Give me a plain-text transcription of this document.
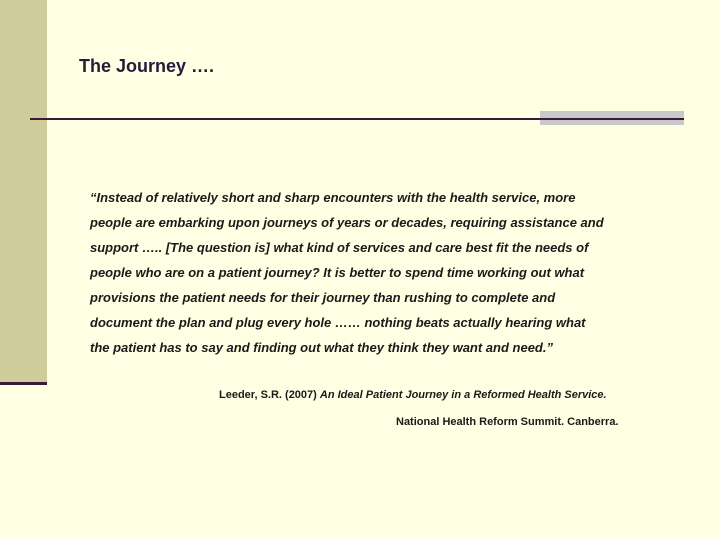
The Journey ….
“Instead of relatively short and sharp encounters with the health service, more
people are embarking upon journeys of years or decades, requiring assistance and
support ….. [The question is] what kind of services and care best fit the needs of
people who are on a patient journey? It is better to spend time working out what
provisions the patient needs for their journey than rushing to complete and
document the plan and plug every hole …… nothing beats actually hearing what
the patient has to say and finding out what they think they want and need.”
Leeder, S.R. (2007) An Ideal Patient Journey in a Reformed Health Service.
National Health Reform Summit. Canberra.
